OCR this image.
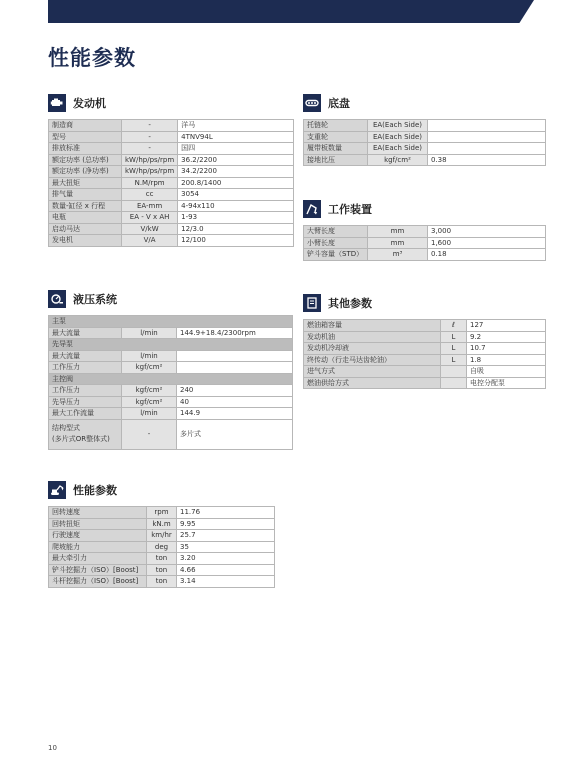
性能参数
发动机
制造商	-	洋马
型号	-	4TNV94L
排放标准	-	国四
额定功率 (总功率)	kW/hp/ps/rpm	36.2/2200
额定功率 (净功率)	kW/hp/ps/rpm	34.2/2200
最大扭矩	N.M/rpm	200.8/1400
排气量	cc	3054
数量-缸径 x 行程	EA-mm	4-94x110
电瓶	EA - V x AH	1-93
启动马达	V/kW	12/3.0
发电机	V/A	12/100
底盘
托链轮	EA(Each Side)	
支重轮	EA(Each Side)	
履带板数量	EA(Each Side)	
接地比压	kgf/cm²	0.38
工作装置
大臂长度	mm	3,000
小臂长度	mm	1,600
铲斗容量（STD）	m³	0.18
液压系统
主泵		
最大流量	l/min	144.9+18.4/2300rpm
先导泵		
最大流量	l/min	
工作压力	kgf/cm²	
主控阀		
工作压力	kgf/cm²	240
先导压力	kgf/cm²	40
最大工作流量	l/min	144.9

结构型式
(多片式OR整体式)	-	多片式
其他参数
燃油箱容量	ℓ	127
发动机油	L	9.2
发动机冷却液	L	10.7
终传动（行走马达齿轮油）	L	1.8
进气方式		自吸
燃油供给方式		电控分配泵
性能参数
回转速度	rpm	11.76
回转扭矩	kN.m	9.95
行驶速度	km/hr	25.7
爬坡能力	deg	35
最大牵引力	ton	3.20
铲斗挖掘力（ISO）[Boost]	ton	4.66
斗杆挖掘力（ISO）[Boost]	ton	3.14
10
